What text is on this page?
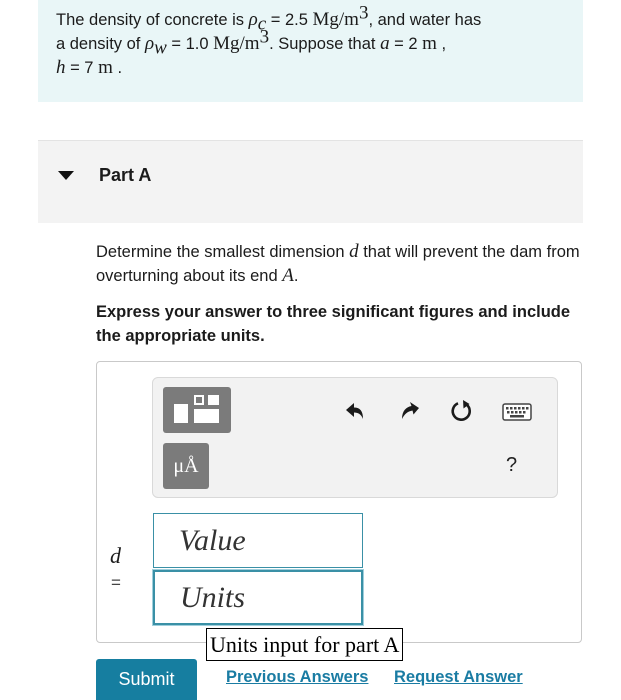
The density of concrete is $\rho_c = 2.5$ $Mg/m^3$, and water has
a density of $\rho_w = 1.0$ $Mg/m^3$. Suppose that a = 2 m ,
h = 7 m .
Part A
Determine the smallest dimension d that will prevent the dam from overturning about its end A.
Express your answer to three significant figures and include the appropriate units.
μÅ	?
d
=
Value
Units
Units input for part A
Submit	Previous Answers Request Answer
